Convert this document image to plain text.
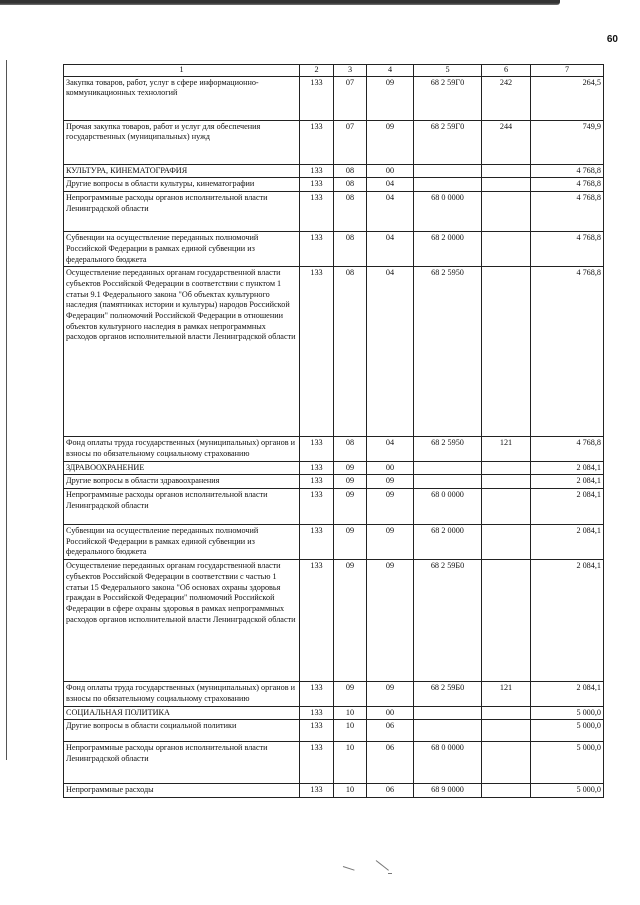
60
1	2	3	4	5	6	7
Закупка товаров, работ, услуг в сфере информационно-коммуникационных технологий	133	07	09	68 2 59Г0	242	264,5
Прочая закупка товаров, работ и услуг для обеспечения государственных (муниципальных) нужд	133	07	09	68 2 59Г0	244	749,9
КУЛЬТУРА, КИНЕМАТОГРАФИЯ	133	08	00			4 768,8
Другие вопросы в области культуры, кинематографии	133	08	04			4 768,8
Непрограммные расходы органов исполнительной власти Ленинградской области	133	08	04	68 0 0000		4 768,8
Субвенции на осуществление переданных полномочий Российской Федерации в рамках единой субвенции из федерального бюджета	133	08	04	68 2 0000		4 768,8
Осуществление переданных органам государственной власти субъектов Российской Федерации в соответствии с пунктом 1 статьи 9.1 Федерального закона "Об объектах культурного наследия (памятниках истории и культуры) народов Российской Федерации" полномочий Российской Федерации в отношении объектов культурного наследия в рамках непрограммных расходов органов исполнительной власти Ленинградской области	133	08	04	68 2 5950		4 768,8
Фонд оплаты труда государственных (муниципальных) органов и взносы по обязательному социальному страхованию	133	08	04	68 2 5950	121	4 768,8
ЗДРАВООХРАНЕНИЕ	133	09	00			2 084,1
Другие вопросы в области здравоохранения	133	09	09			2 084,1
Непрограммные расходы органов исполнительной власти Ленинградской области	133	09	09	68 0 0000		2 084,1
Субвенции на осуществление переданных полномочий Российской Федерации в рамках единой субвенции из федерального бюджета	133	09	09	68 2 0000		2 084,1
Осуществление переданных органам государственной власти субъектов Российской Федерации в соответствии с частью 1 статьи 15 Федерального закона "Об основах охраны здоровья граждан в Российской Федерации" полномочий Российской Федерации в сфере охраны здоровья в рамках непрограммных расходов органов исполнительной власти Ленинградской области	133	09	09	68 2 59Б0		2 084,1
Фонд оплаты труда государственных (муниципальных) органов и взносы по обязательному социальному страхованию	133	09	09	68 2 59Б0	121	2 084,1
СОЦИАЛЬНАЯ ПОЛИТИКА	133	10	00			5 000,0
Другие вопросы в области социальной политики	133	10	06			5 000,0
Непрограммные расходы органов исполнительной власти Ленинградской области	133	10	06	68 0 0000		5 000,0
Непрограммные расходы	133	10	06	68 9 0000		5 000,0
